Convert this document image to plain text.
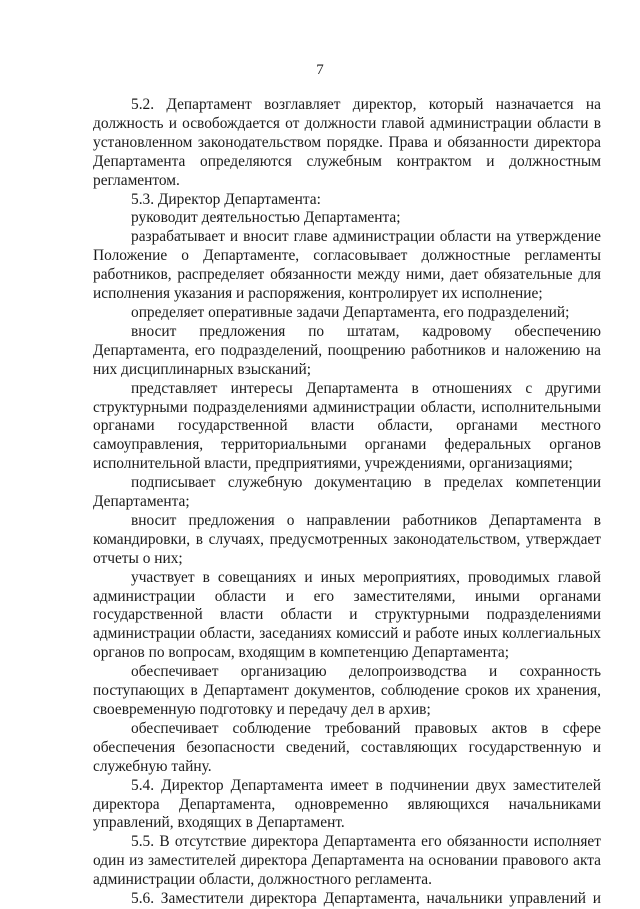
7

5.2. Департамент возглавляет директор, который назначается на должность и освобождается от должности главой администрации области в установленном законодательством порядке. Права и обязанности директора Департамента определяются служебным контрактом и должностным регламентом.

5.3. Директор Департамента:

руководит деятельностью Департамента;

разрабатывает и вносит главе администрации области на утверждение Положение о Департаменте, согласовывает должностные регламенты работников, распределяет обязанности между ними, дает обязательные для исполнения указания и распоряжения, контролирует их исполнение;

определяет оперативные задачи Департамента, его подразделений;

вносит предложения по штатам, кадровому обеспечению Департамента, его подразделений, поощрению работников и наложению на них дисциплинарных взысканий;

представляет интересы Департамента в отношениях с другими структурными подразделениями администрации области, исполнительными органами государственной власти области, органами местного самоуправления, территориальными органами федеральных органов исполнительной власти, предприятиями, учреждениями, организациями;

подписывает служебную документацию в пределах компетенции Департамента;

вносит предложения о направлении работников Департамента в командировки, в случаях, предусмотренных законодательством, утверждает отчеты о них;

участвует в совещаниях и иных мероприятиях, проводимых главой администрации области и его заместителями, иными органами государственной власти области и структурными подразделениями администрации области, заседаниях комиссий и работе иных коллегиальных органов по вопросам, входящим в компетенцию Департамента;

обеспечивает организацию делопроизводства и сохранность поступающих в Департамент документов, соблюдение сроков их хранения, своевременную подготовку и передачу дел в архив;

обеспечивает соблюдение требований правовых актов в сфере обеспечения безопасности сведений, составляющих государственную и служебную тайну.

5.4. Директор Департамента имеет в подчинении двух заместителей директора Департамента, одновременно являющихся начальниками управлений, входящих в Департамент.

5.5. В отсутствие директора Департамента его обязанности исполняет один из заместителей директора Департамента на основании правового акта администрации области, должностного регламента.

5.6. Заместители директора Департамента, начальники управлений и
